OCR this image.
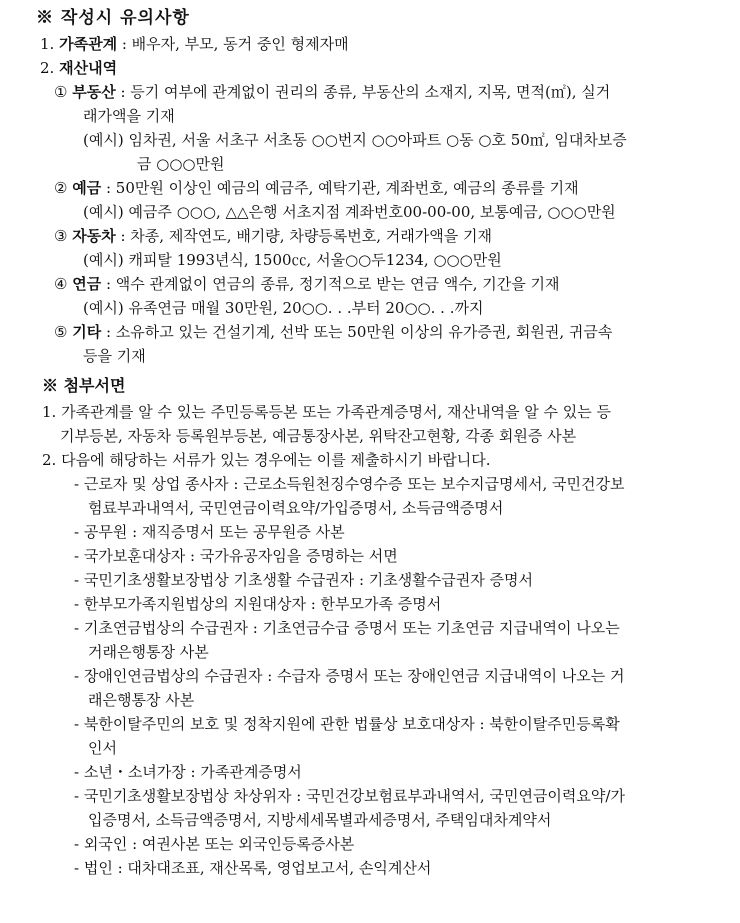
※ 작성시 유의사항
1. 가족관계 : 배우자, 부모, 동거 중인 형제자매
2. 재산내역
① 부동산 : 등기 여부에 관계없이 권리의 종류, 부동산의 소재지, 지목, 면적(㎡), 실거
래가액을 기재
(예시) 임차권, 서울 서초구 서초동 ○○번지 ○○아파트 ○동 ○호 50㎡, 임대차보증
금 ○○○만원
② 예금 : 50만원 이상인 예금의 예금주, 예탁기관, 계좌번호, 예금의 종류를 기재
(예시) 예금주 ○○○, △△은행 서초지점 계좌번호00-00-00, 보통예금, ○○○만원
③ 자동차 : 차종, 제작연도, 배기량, 차량등록번호, 거래가액을 기재
(예시) 캐피탈 1993년식, 1500㏄, 서울○○두1234, ○○○만원
④ 연금 : 액수 관계없이 연금의 종류, 정기적으로 받는 연금 액수, 기간을 기재
(예시) 유족연금 매월 30만원, 20○○. . .부터 20○○. . .까지
⑤ 기타 : 소유하고 있는 건설기계, 선박 또는 50만원 이상의 유가증권, 회원권, 귀금속
등을 기재
※ 첨부서면
1. 가족관계를 알 수 있는 주민등록등본 또는 가족관계증명서, 재산내역을 알 수 있는 등
기부등본, 자동차 등록원부등본, 예금통장사본, 위탁잔고현황, 각종 회원증 사본
2. 다음에 해당하는 서류가 있는 경우에는 이를 제출하시기 바랍니다.
- 근로자 및 상업 종사자 : 근로소득원천징수영수증 또는 보수지급명세서, 국민건강보
험료부과내역서, 국민연금이력요약/가입증명서, 소득금액증명서
- 공무원 : 재직증명서 또는 공무원증 사본
- 국가보훈대상자 : 국가유공자임을 증명하는 서면
- 국민기초생활보장법상 기초생활 수급권자 : 기초생활수급권자 증명서
- 한부모가족지원법상의 지원대상자 : 한부모가족 증명서
- 기초연금법상의 수급권자 : 기초연금수급 증명서 또는 기초연금 지급내역이 나오는
거래은행통장 사본
- 장애인연금법상의 수급권자 : 수급자 증명서 또는 장애인연금 지급내역이 나오는 거
래은행통장 사본
- 북한이탈주민의 보호 및 정착지원에 관한 법률상 보호대상자 : 북한이탈주민등록확
인서
- 소년・소녀가장 : 가족관계증명서
- 국민기초생활보장법상 차상위자 : 국민건강보험료부과내역서, 국민연금이력요약/가
입증명서, 소득금액증명서, 지방세세목별과세증명서, 주택임대차계약서
- 외국인 : 여권사본 또는 외국인등록증사본
- 법인 : 대차대조표, 재산목록, 영업보고서, 손익계산서
